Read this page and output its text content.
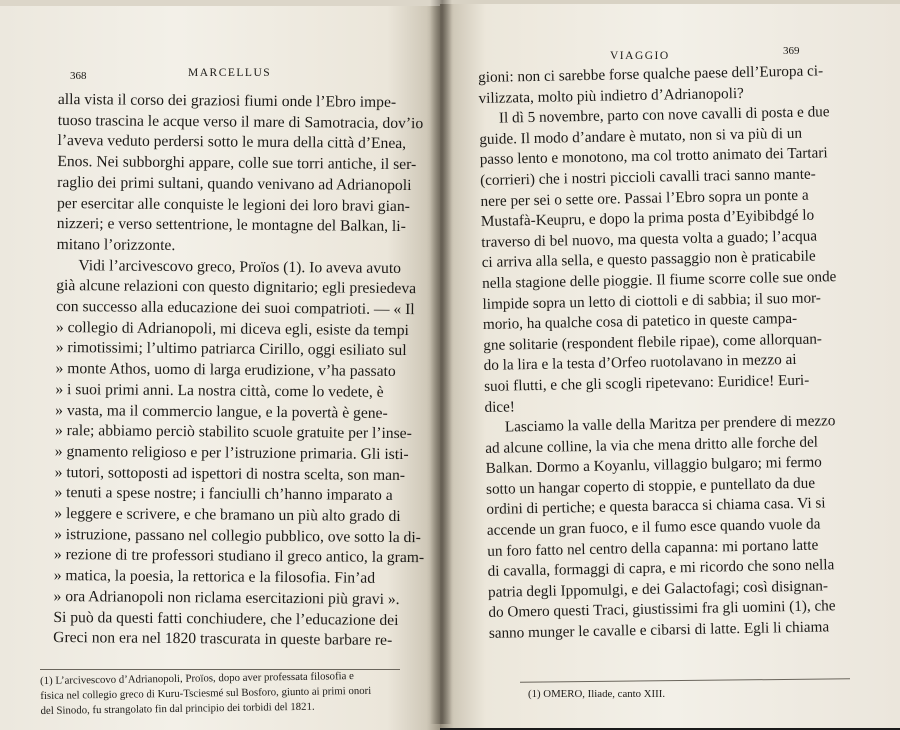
368	MARCELLUS
alla vista il corso dei graziosi fiumi onde l’Ebro impe-
tuoso trascina le acque verso il mare di Samotracia, dov’io
l’aveva veduto perdersi sotto le mura della città d’Enea,
Enos. Nei subborghi appare, colle sue torri antiche, il ser-
raglio dei primi sultani, quando venivano ad Adrianopoli
per esercitar alle conquiste le legioni dei loro bravi gian-
nizzeri; e verso settentrione, le montagne del Balkan, li-
mitano l’orizzonte.
Vidi l’arcivescovo greco, Proïos (1). Io aveva avuto
già alcune relazioni con questo dignitario; egli presiedeva
con successo alla educazione dei suoi compatrioti. — « Il
» collegio di Adrianopoli, mi diceva egli, esiste da tempi
» rimotissimi; l’ultimo patriarca Cirillo, oggi esiliato sul
» monte Athos, uomo di larga erudizione, v’ha passato
» i suoi primi anni. La nostra città, come lo vedete, è
» vasta, ma il commercio langue, e la povertà è gene-
» rale; abbiamo perciò stabilito scuole gratuite per l’inse-
» gnamento religioso e per l’istruzione primaria. Gli isti-
» tutori, sottoposti ad ispettori di nostra scelta, son man-
» tenuti a spese nostre; i fanciulli ch’hanno imparato a
» leggere e scrivere, e che bramano un più alto grado di
» istruzione, passano nel collegio pubblico, ove sotto la di-
» rezione di tre professori studiano il greco antico, la gram-
» matica, la poesia, la rettorica e la filosofia. Fin’ad
» ora Adrianopoli non riclama esercitazioni più gravi ».
Si può da questi fatti conchiudere, che l’educazione dei
Greci non era nel 1820 trascurata in queste barbare re-
(1) L’arcivescovo d’Adrianopoli, Proïos, dopo aver professata filosofia e
fisica nel collegio greco di Kuru-Tsciesmé sul Bosforo, giunto ai primi onori
del Sinodo, fu strangolato fin dal principio dei torbidi del 1821.
VIAGGIO	369
gioni: non ci sarebbe forse qualche paese dell’Europa ci-
vilizzata, molto più indietro d’Adrianopoli?
Il dì 5 novembre, parto con nove cavalli di posta e due
guide. Il modo d’andare è mutato, non si va più di un
passo lento e monotono, ma col trotto animato dei Tartari
(corrieri) che i nostri piccioli cavalli traci sanno mante-
nere per sei o sette ore. Passai l’Ebro sopra un ponte a
Mustafà-Keupru, e dopo la prima posta d’Eyibibdgé lo
traverso di bel nuovo, ma questa volta a guado; l’acqua
ci arriva alla sella, e questo passaggio non è praticabile
nella stagione delle pioggie. Il fiume scorre colle sue onde
limpide sopra un letto di ciottoli e di sabbia; il suo mor-
morio, ha qualche cosa di patetico in queste campa-
gne solitarie (respondent flebile ripae), come allorquan-
do la lira e la testa d’Orfeo ruotolavano in mezzo ai
suoi flutti, e che gli scogli ripetevano: Euridice! Euri-
dice!
Lasciamo la valle della Maritza per prendere di mezzo
ad alcune colline, la via che mena dritto alle forche del
Balkan. Dormo a Koyanlu, villaggio bulgaro; mi fermo
sotto un hangar coperto di stoppie, e puntellato da due
ordini di pertiche; e questa baracca si chiama casa. Vi si
accende un gran fuoco, e il fumo esce quando vuole da
un foro fatto nel centro della capanna: mi portano latte
di cavalla, formaggi di capra, e mi ricordo che sono nella
patria degli Ippomulgi, e dei Galactofagi; così disignan-
do Omero questi Traci, giustissimi fra gli uomini (1), che
sanno munger le cavalle e cibarsi di latte. Egli li chiama
(1) OMERO, Iliade, canto XIII.
